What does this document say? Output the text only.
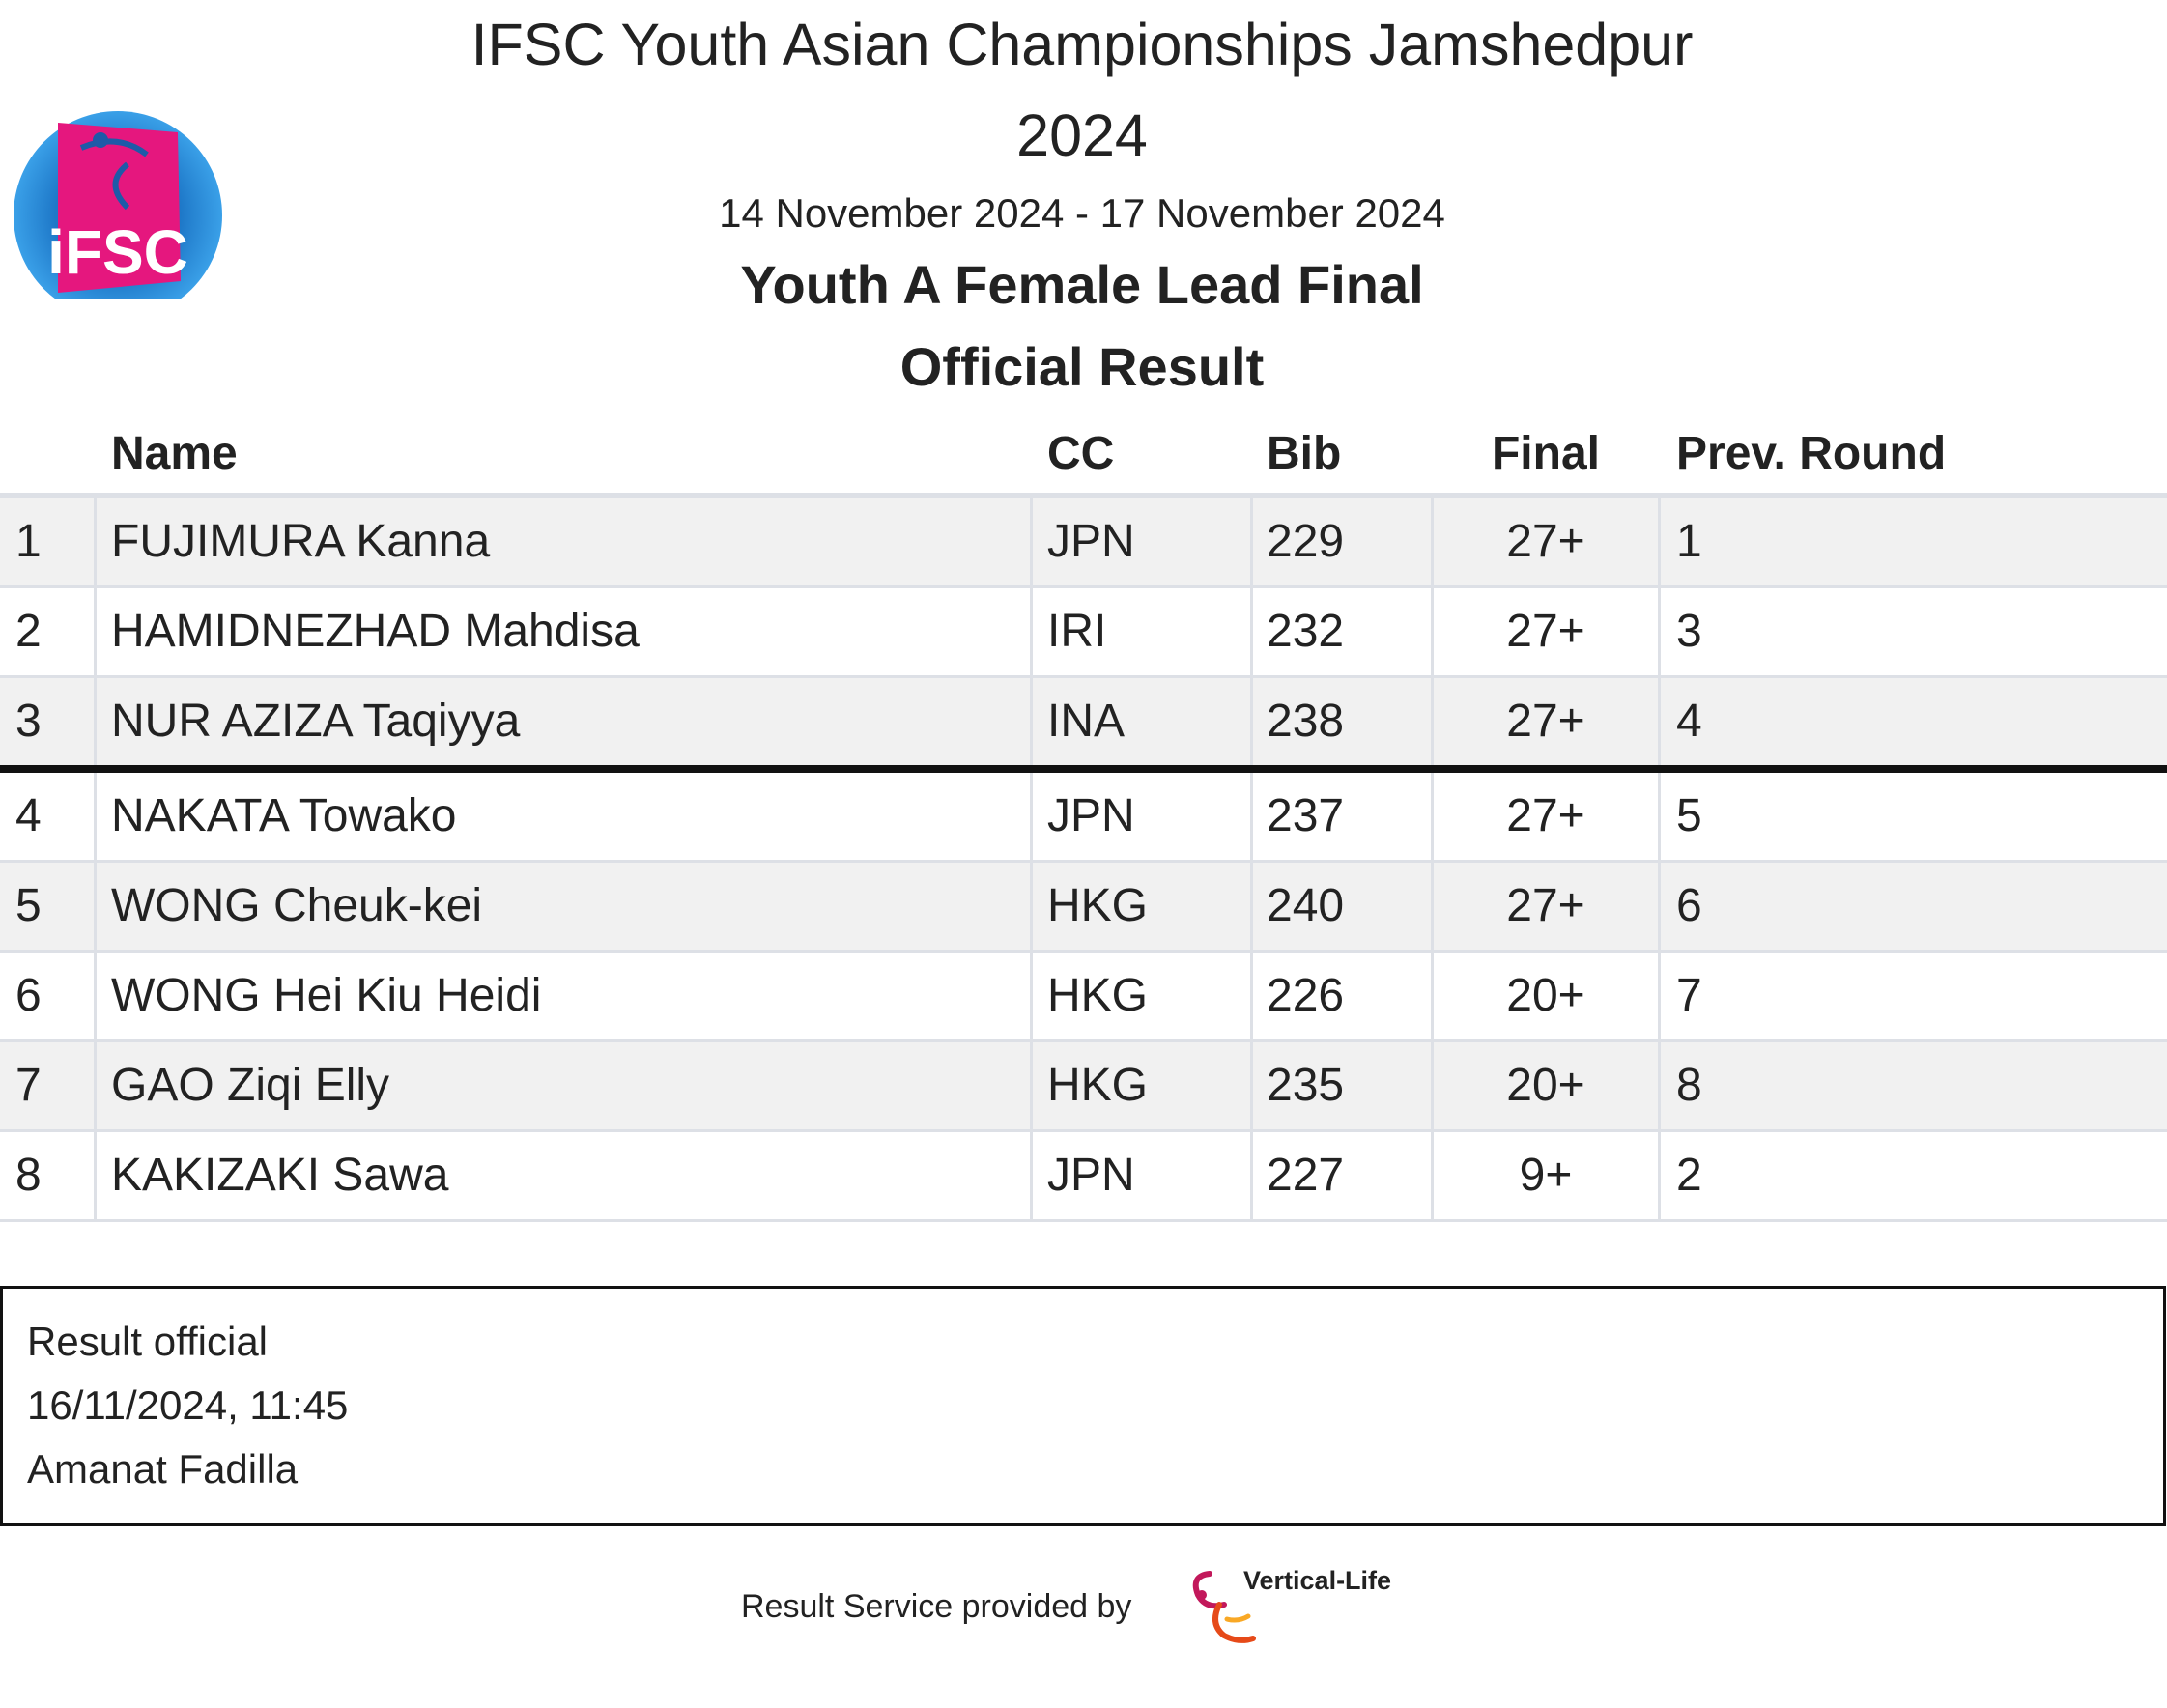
iFSC
IFSC Youth Asian Championships Jamshedpur
2024
14 November 2024 - 17 November 2024
Youth A Female Lead Final
Official Result
Name	CC	Bib	Final	Prev. Round
1 FUJIMURA Kanna	JPN	229	27+	1
2 HAMIDNEZHAD Mahdisa	IRI	232	27+	3
3 NUR AZIZA Taqiyya	INA	238	27+	4
4 NAKATA Towako	JPN	237	27+	5
5 WONG Cheuk-kei	HKG	240	27+	6
6 WONG Hei Kiu Heidi	HKG	226	20+	7
7 GAO Ziqi Elly	HKG	235	20+	8
8 KAKIZAKI Sawa	JPN	227	9+	2
Result official
16/11/2024, 11:45
Amanat Fadilla
Result Service provided by
Vertical-Life
